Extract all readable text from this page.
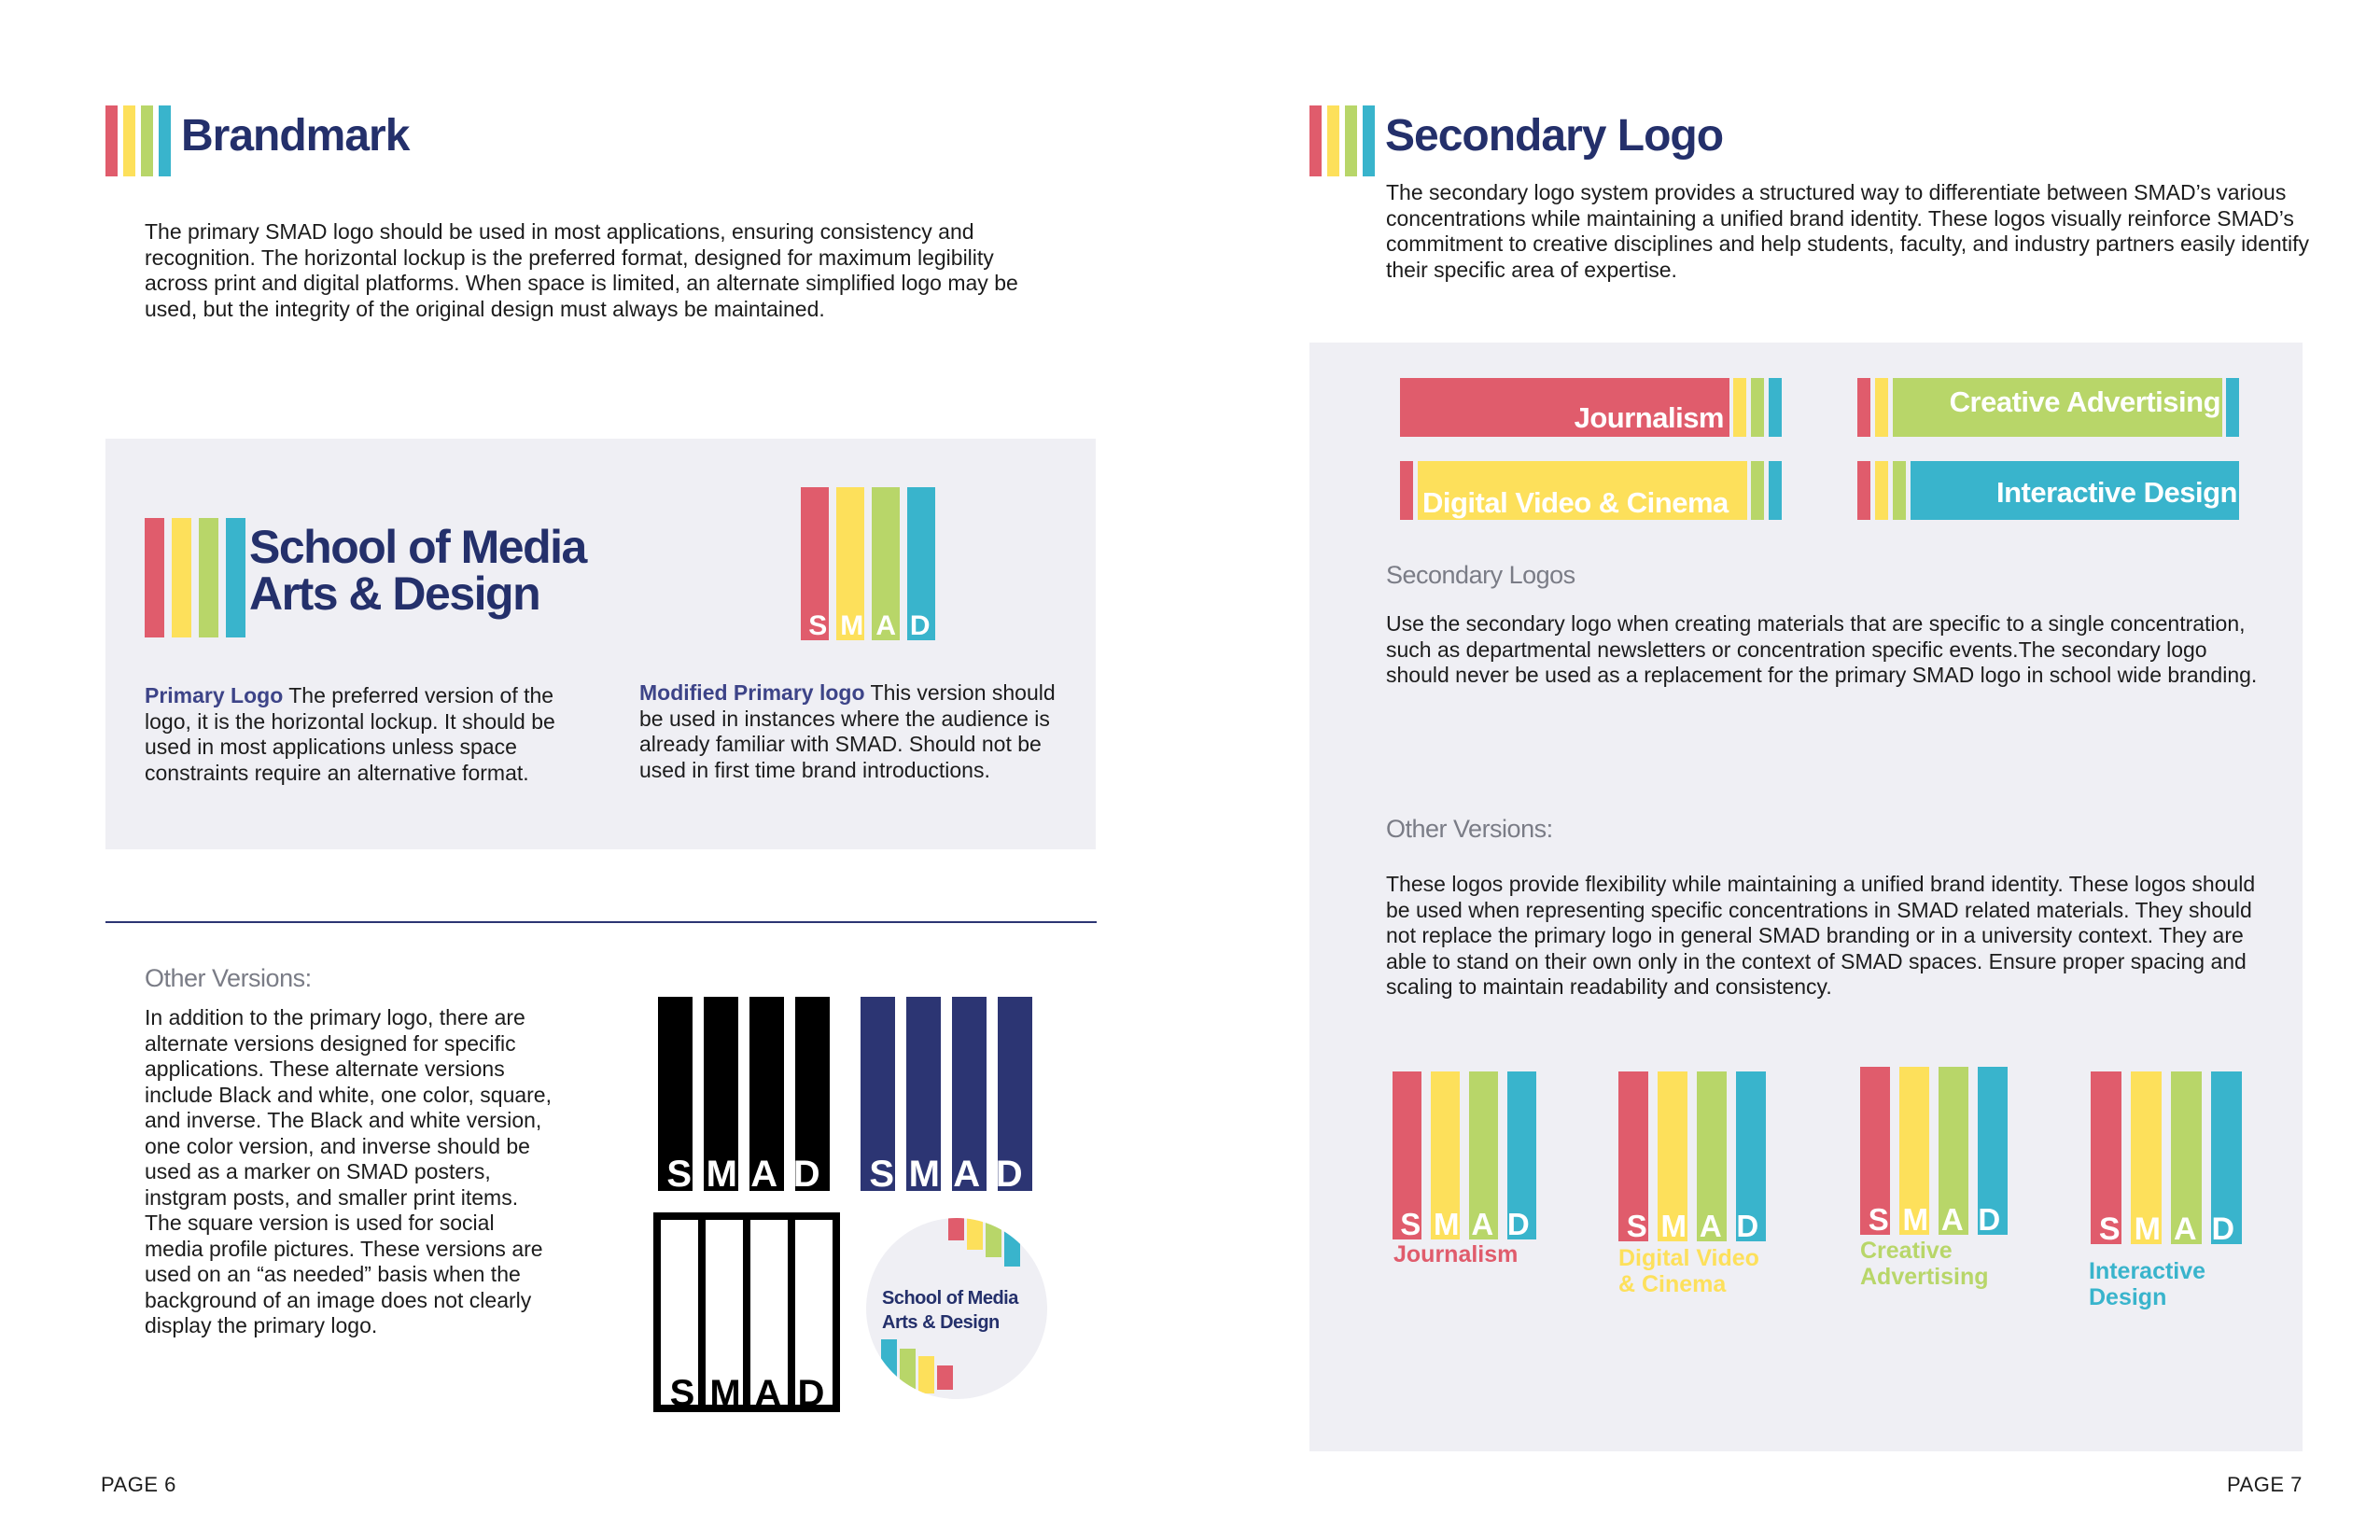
Brandmark
The primary SMAD logo should be used in most applications, ensuring consistency and recognition. The horizontal lockup is the preferred format, designed for maximum legibility across print and digital platforms. When space is limited, an alternate simplified logo may be used, but the integrity of the original design must always be maintained.
School of Media
Arts & Design
S M A D
Primary Logo The preferred version of the logo, it is the horizontal lockup. It should be used in most applications unless space constraints require an alternative format.
Modified Primary logo This version should be used in instances where the audience is already familiar with SMAD. Should not be used in first time brand introductions.
Other Versions:
In addition to the primary logo, there are alternate versions designed for specific applications. These alternate versions include Black and white, one color, square, and inverse. The Black and white version, one color version, and inverse should be used as a marker on SMAD posters, instgram posts, and smaller print items. The square version is used for social media profile pictures. These versions are used on an “as needed” basis when the background of an image does not clearly display the primary logo.
S M A D S M A D
S M A D
School of Media
Arts & Design
PAGE 6
Secondary Logo
The secondary logo system provides a structured way to differentiate between SMAD’s various concentrations while maintaining a unified brand identity. These logos visually reinforce SMAD’s commitment to creative disciplines and help students, faculty, and industry partners easily identify their specific area of expertise.
Journalism	Creative Advertising
Digital Video & Cinema	Interactive Design
Secondary Logos
Use the secondary logo when creating materials that are specific to a single concentration, such as departmental newsletters or concentration specific events.The secondary logo should never be used as a replacement for the primary SMAD logo in school wide branding.
Other Versions:
These logos provide flexibility while maintaining a unified brand identity. These logos should be used when representing specific concentrations in SMAD related materials. They should not replace the primary logo in general SMAD branding or in a university context. They are able to stand on their own only in the context of SMAD spaces. Ensure proper spacing and scaling to maintain readability and consistency.
S M A D
Journalism
S M A D
Digital Video
& Cinema
S M A D
Creative
Advertising
S M A D
Interactive
Design
PAGE 7
